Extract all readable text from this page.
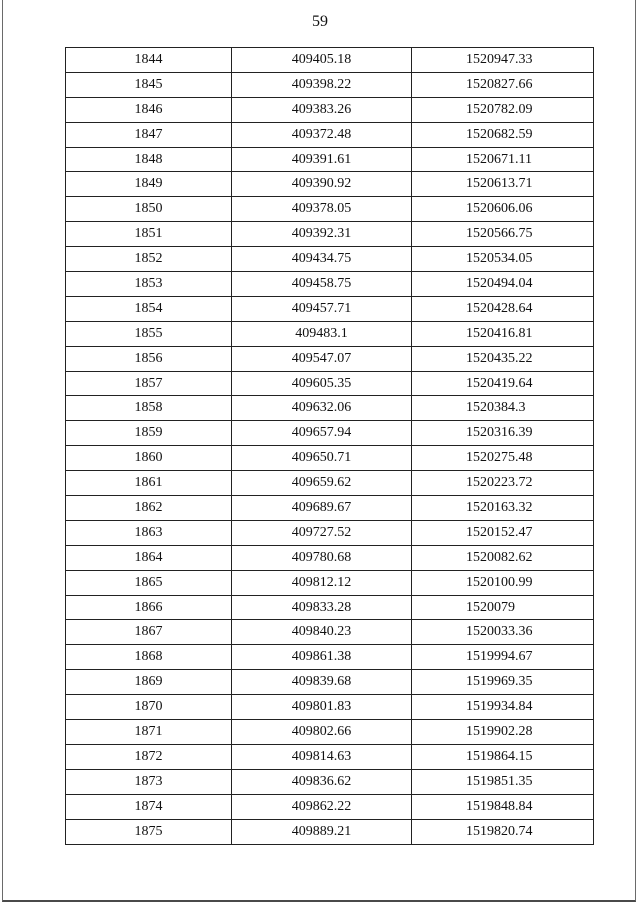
59
1844	409405.18	1520947.33
1845	409398.22	1520827.66
1846	409383.26	1520782.09
1847	409372.48	1520682.59
1848	409391.61	1520671.11
1849	409390.92	1520613.71
1850	409378.05	1520606.06
1851	409392.31	1520566.75
1852	409434.75	1520534.05
1853	409458.75	1520494.04
1854	409457.71	1520428.64
1855	409483.1	1520416.81
1856	409547.07	1520435.22
1857	409605.35	1520419.64
1858	409632.06	1520384.3
1859	409657.94	1520316.39
1860	409650.71	1520275.48
1861	409659.62	1520223.72
1862	409689.67	1520163.32
1863	409727.52	1520152.47
1864	409780.68	1520082.62
1865	409812.12	1520100.99
1866	409833.28	1520079
1867	409840.23	1520033.36
1868	409861.38	1519994.67
1869	409839.68	1519969.35
1870	409801.83	1519934.84
1871	409802.66	1519902.28
1872	409814.63	1519864.15
1873	409836.62	1519851.35
1874	409862.22	1519848.84
1875	409889.21	1519820.74
